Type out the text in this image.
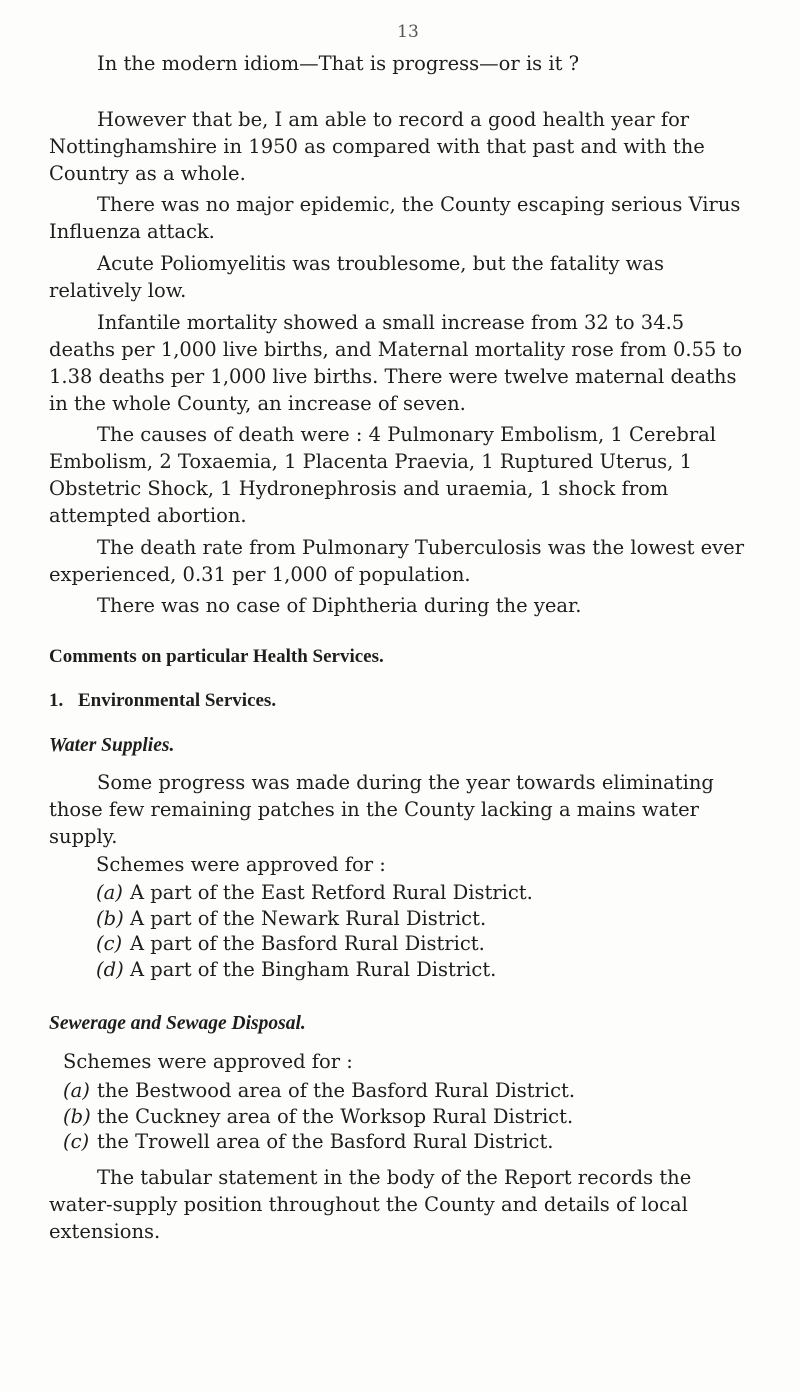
13

In the modern idiom—That is progress—or is it ?

However that be, I am able to record a good health year for Nottinghamshire in 1950 as compared with that past and with the Country as a whole.

There was no major epidemic, the County escaping serious Virus Influenza attack.

Acute Poliomyelitis was troublesome, but the fatality was relatively low.

Infantile mortality showed a small increase from 32 to 34.5 deaths per 1,000 live births, and Maternal mortality rose from 0.55 to 1.38 deaths per 1,000 live births. There were twelve maternal deaths in the whole County, an increase of seven.

The causes of death were : 4 Pulmonary Embolism, 1 Cerebral Embolism, 2 Toxaemia, 1 Placenta Praevia, 1 Ruptured Uterus, 1 Obstetric Shock, 1 Hydronephrosis and uraemia, 1 shock from attempted abortion.

The death rate from Pulmonary Tuberculosis was the lowest ever experienced, 0.31 per 1,000 of population.

There was no case of Diphtheria during the year.

Comments on particular Health Services.
1. Environmental Services.
Water Supplies.

Some progress was made during the year towards eliminating those few remaining patches in the County lacking a mains water supply.

Schemes were approved for :
(a) A part of the East Retford Rural District.
(b) A part of the Newark Rural District.
(c) A part of the Basford Rural District.
(d) A part of the Bingham Rural District.
Sewerage and Sewage Disposal.
Schemes were approved for :
(a) the Bestwood area of the Basford Rural District.
(b) the Cuckney area of the Worksop Rural District.
(c) the Trowell area of the Basford Rural District.

The tabular statement in the body of the Report records the water-supply position throughout the County and details of local extensions.
